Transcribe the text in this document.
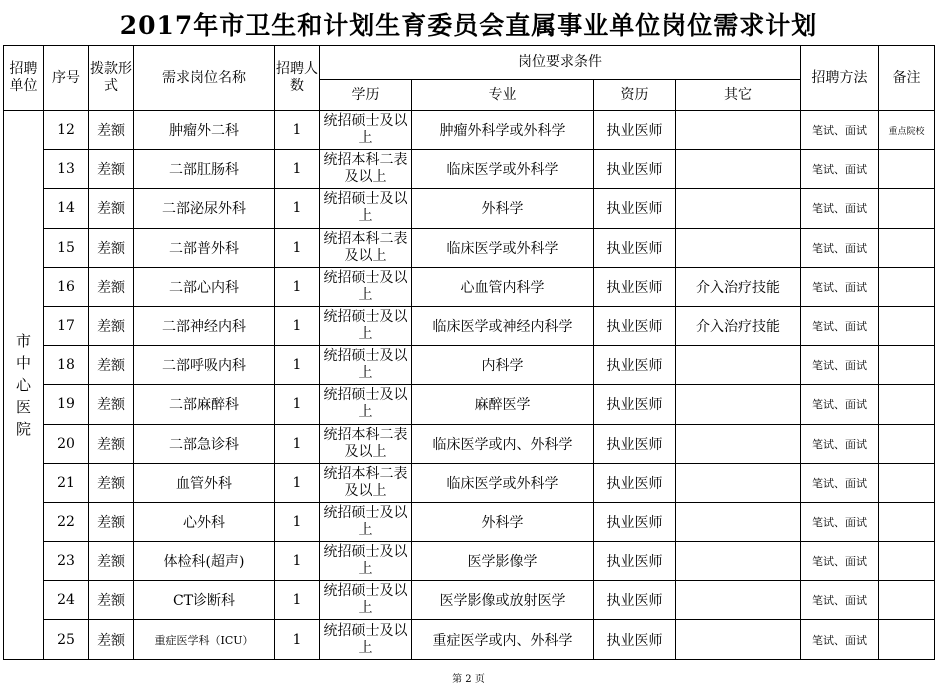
2017年市卫生和计划生育委员会直属事业单位岗位需求计划
招聘单位	序号	拨款形式	需求岗位名称	招聘人数	岗位要求条件				招聘方法	备注
					学历	专业	资历	其它		
市中心医院	12	差额	肿瘤外二科	1	统招硕士及以上	肿瘤外科学或外科学	执业医师		笔试、面试	重点院校
	13	差额	二部肛肠科	1	统招本科二表及以上	临床医学或外科学	执业医师		笔试、面试	
	14	差额	二部泌尿外科	1	统招硕士及以上	外科学	执业医师		笔试、面试	
	15	差额	二部普外科	1	统招本科二表及以上	临床医学或外科学	执业医师		笔试、面试	
	16	差额	二部心内科	1	统招硕士及以上	心血管内科学	执业医师	介入治疗技能	笔试、面试	
	17	差额	二部神经内科	1	统招硕士及以上	临床医学或神经内科学	执业医师	介入治疗技能	笔试、面试	
	18	差额	二部呼吸内科	1	统招硕士及以上	内科学	执业医师		笔试、面试	
	19	差额	二部麻醉科	1	统招硕士及以上	麻醉医学	执业医师		笔试、面试	
	20	差额	二部急诊科	1	统招本科二表及以上	临床医学或内、外科学	执业医师		笔试、面试	
	21	差额	血管外科	1	统招本科二表及以上	临床医学或外科学	执业医师		笔试、面试	
	22	差额	心外科	1	统招硕士及以上	外科学	执业医师		笔试、面试	
	23	差额	体检科(超声)	1	统招硕士及以上	医学影像学	执业医师		笔试、面试	
	24	差额	CT诊断科	1	统招硕士及以上	医学影像或放射医学	执业医师		笔试、面试	
	25	差额	重症医学科（ICU）	1	统招硕士及以上	重症医学或内、外科学	执业医师		笔试、面试	
第 2 页
